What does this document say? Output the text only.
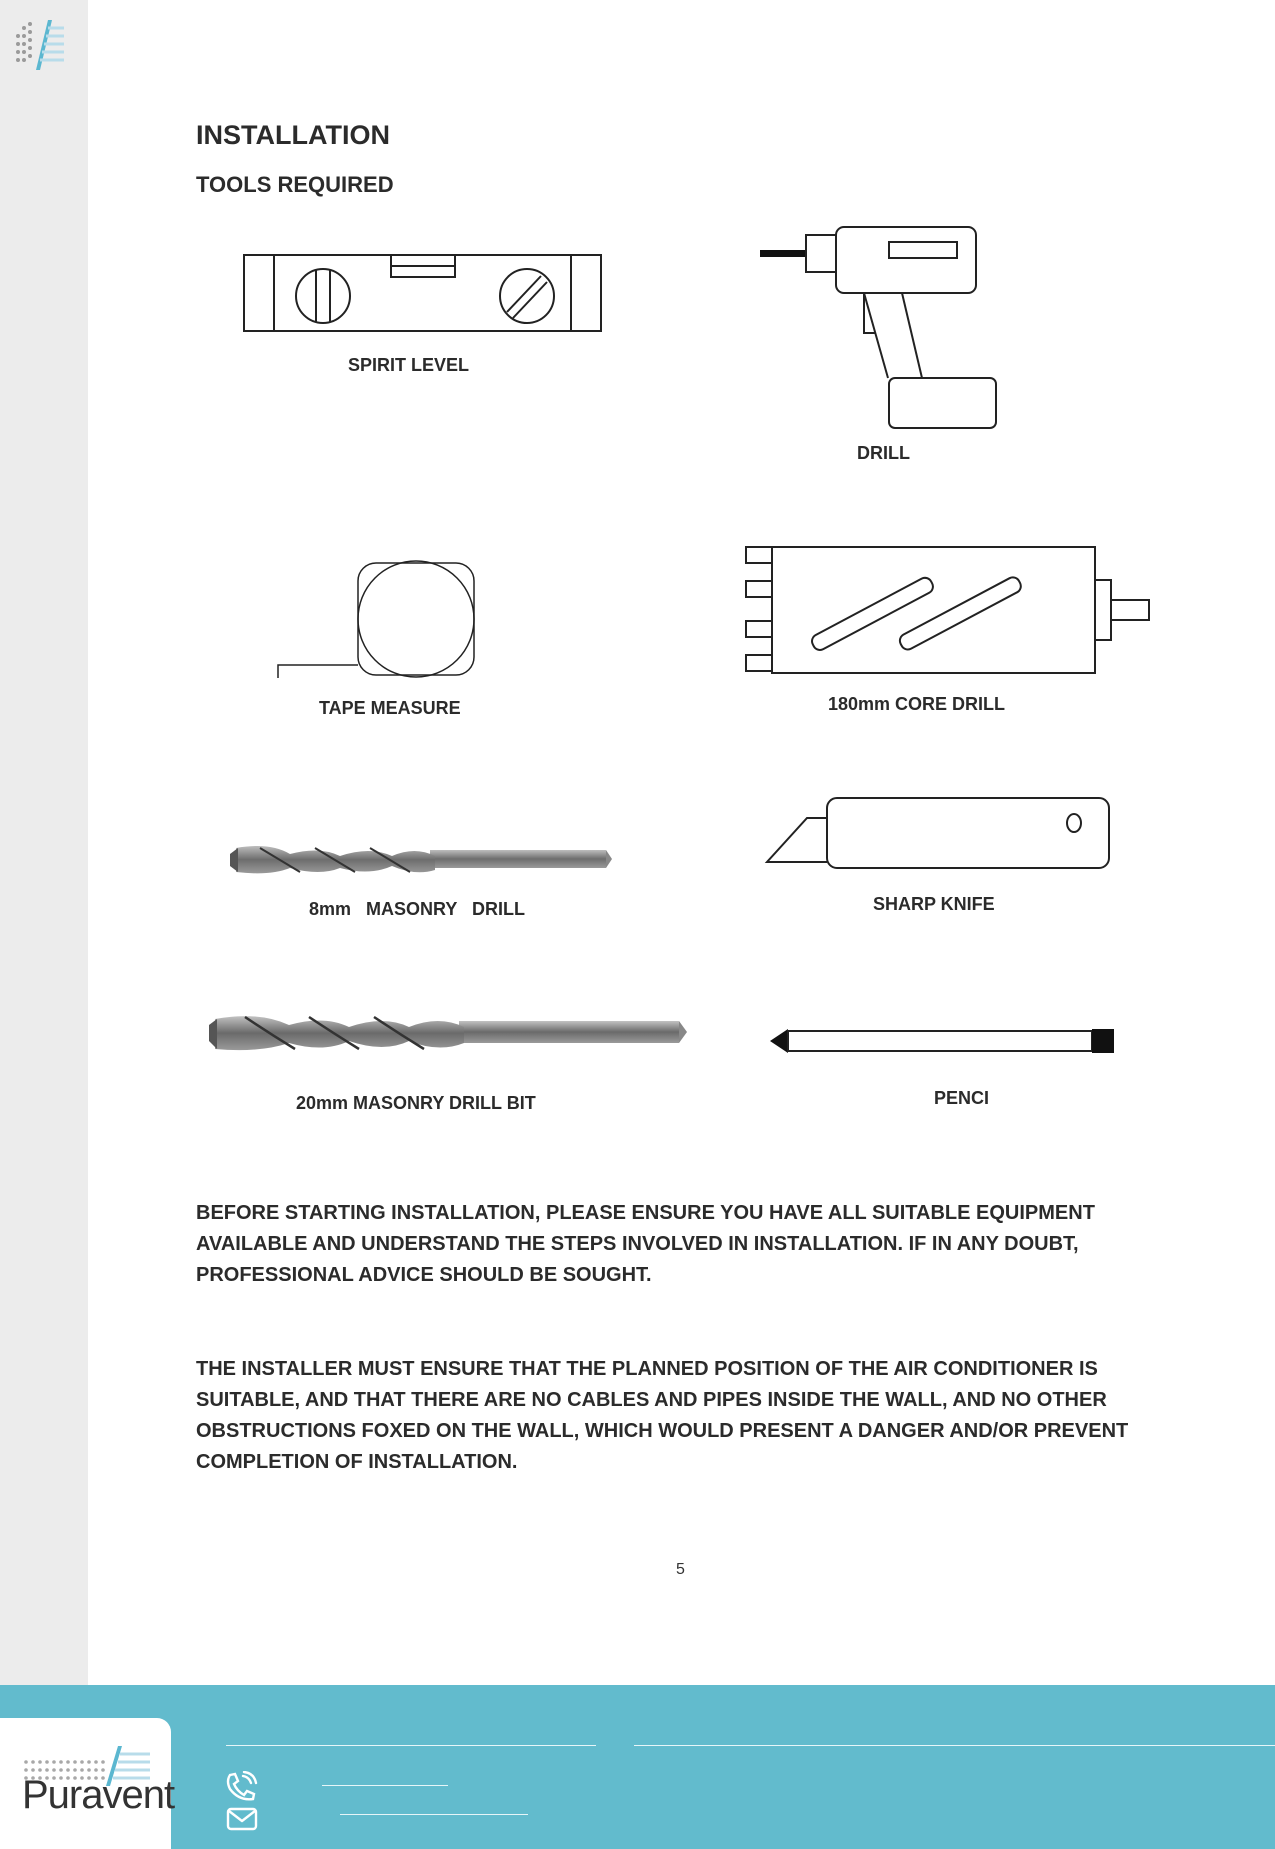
INSTALLATION
TOOLS REQUIRED
SPIRIT LEVEL
DRILL
TAPE MEASURE	180mm CORE DRILL
8mm   MASONRY   DRILL	SHARP KNIFE
20mm MASONRY DRILL BIT	PENCI

BEFORE STARTING INSTALLATION, PLEASE ENSURE YOU HAVE ALL SUITABLE EQUIPMENT AVAILABLE AND UNDERSTAND THE STEPS INVOLVED IN INSTALLATION. IF IN ANY DOUBT, PROFESSIONAL ADVICE SHOULD BE SOUGHT.

THE INSTALLER MUST ENSURE THAT THE PLANNED POSITION OF THE AIR CONDITIONER IS SUITABLE, AND THAT THERE ARE NO CABLES AND PIPES INSIDE THE WALL, AND NO OTHER OBSTRUCTIONS FOXED ON THE WALL, WHICH WOULD PRESENT A DANGER AND/OR PREVENT COMPLETION OF INSTALLATION.

5
Puravent
